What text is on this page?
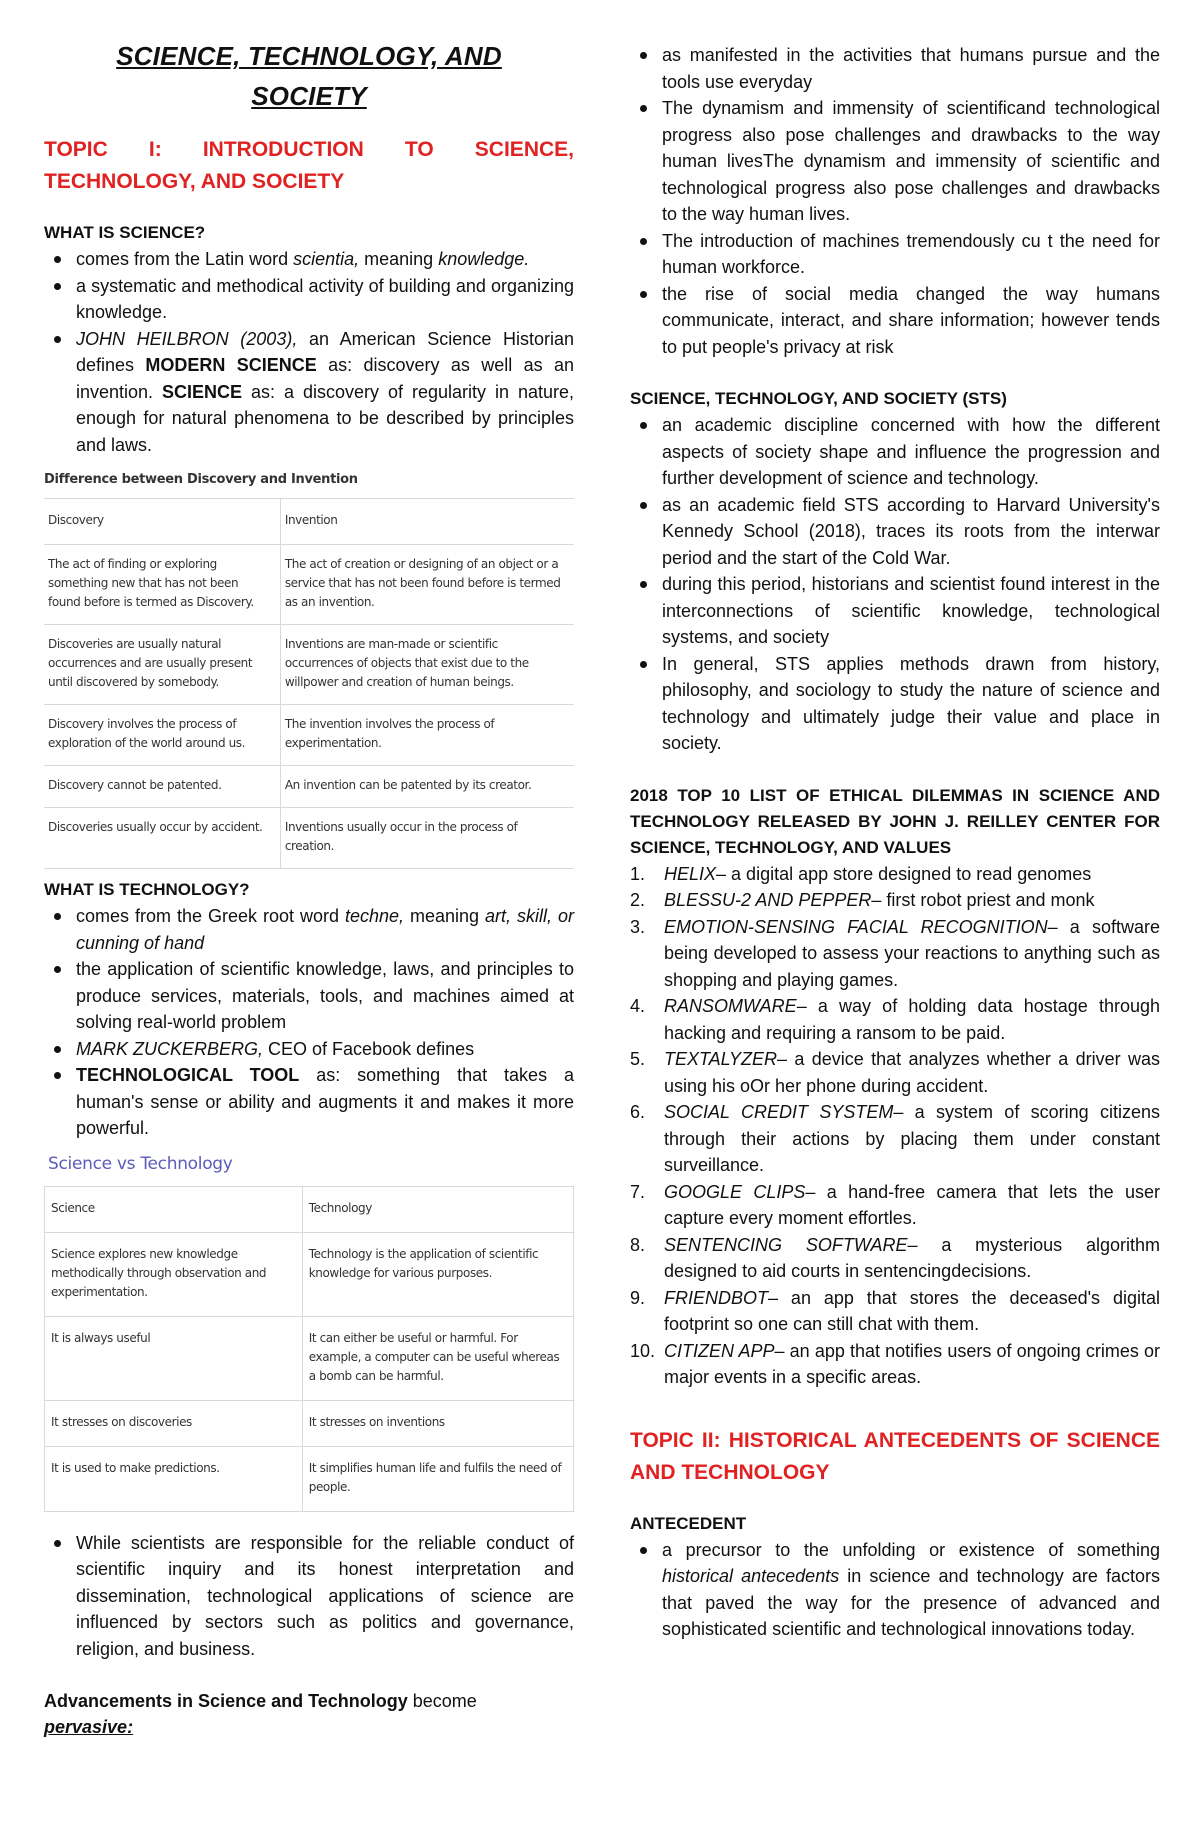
SCIENCE, TECHNOLOGY, AND
SOCIETY
TOPIC I: INTRODUCTION TO SCIENCE, TECHNOLOGY, AND SOCIETY
WHAT IS SCIENCE?
comes from the Latin word scientia, meaning knowledge.
a systematic and methodical activity of building and organizing knowledge.
JOHN HEILBRON (2003), an American Science Historian defines MODERN SCIENCE as: discovery as well as an invention. SCIENCE as: a discovery of regularity in nature, enough for natural phenomena to be described by principles and laws.
Difference between Discovery and Invention
Discovery	Invention
The act of finding or exploring something new that has not been found before is termed as Discovery.	The act of creation or designing of an object or a service that has not been found before is termed as an invention.
Discoveries are usually natural occurrences and are usually present until discovered by somebody.	Inventions are man-made or scientific occurrences of objects that exist due to the willpower and creation of human beings.
Discovery involves the process of exploration of the world around us.	The invention involves the process of experimentation.
Discovery cannot be patented.	An invention can be patented by its creator.
Discoveries usually occur by accident.	Inventions usually occur in the process of creation.
WHAT IS TECHNOLOGY?
comes from the Greek root word techne, meaning art, skill, or cunning of hand
the application of scientific knowledge, laws, and principles to produce services, materials, tools, and machines aimed at solving real-world problem
MARK ZUCKERBERG, CEO of Facebook defines
TECHNOLOGICAL TOOL as: something that takes a human's sense or ability and augments it and makes it more powerful.
Science vs Technology
Science	Technology
Science explores new knowledge methodically through observation and experimentation.	Technology is the application of scientific knowledge for various purposes.
It is always useful	It can either be useful or harmful. For example, a computer can be useful whereas a bomb can be harmful.
It stresses on discoveries	It stresses on inventions
It is used to make predictions.	It simplifies human life and fulfils the need of people.
While scientists are responsible for the reliable conduct of scientific inquiry and its honest interpretation and dissemination, technological applications of science are influenced by sectors such as politics and governance, religion, and business.
Advancements in Science and Technology become
pervasive:
as manifested in the activities that humans pursue and the tools use everyday
The dynamism and immensity of scientificand technological progress also pose challenges and drawbacks to the way human livesThe dynamism and immensity of scientific and technological progress also pose challenges and drawbacks to the way human lives.
The introduction of machines tremendously cu t the need for human workforce.
the rise of social media changed the way humans communicate, interact, and share information; however tends to put people's privacy at risk
SCIENCE, TECHNOLOGY, AND SOCIETY (STS)
an academic discipline concerned with how the different aspects of society shape and influence the progression and further development of science and technology.
as an academic field STS according to Harvard University's Kennedy School (2018), traces its roots from the interwar period and the start of the Cold War.
during this period, historians and scientist found interest in the interconnections of scientific knowledge, technological systems, and society
In general, STS applies methods drawn from history, philosophy, and sociology to study the nature of science and technology and ultimately judge their value and place in society.
2018 TOP 10 LIST OF ETHICAL DILEMMAS IN SCIENCE AND TECHNOLOGY RELEASED BY JOHN J. REILLEY CENTER FOR SCIENCE, TECHNOLOGY, AND VALUES
1.	HELIX– a digital app store designed to read genomes
2.	BLESSU-2 AND PEPPER– first robot priest and monk
3.	EMOTION-SENSING FACIAL RECOGNITION– a software being developed to assess your reactions to anything such as shopping and playing games.
4.	RANSOMWARE– a way of holding data hostage through hacking and requiring a ransom to be paid.
5.	TEXTALYZER– a device that analyzes whether a driver was using his oOr her phone during accident.
6.	SOCIAL CREDIT SYSTEM– a system of scoring citizens through their actions by placing them under constant surveillance.
7.	GOOGLE CLIPS– a hand-free camera that lets the user capture every moment effortles.
8.	SENTENCING SOFTWARE– a mysterious algorithm designed to aid courts in sentencingdecisions.
9.	FRIENDBOT– an app that stores the deceased's digital footprint so one can still chat with them.
10. CITIZEN APP– an app that notifies users of ongoing crimes or major events in a specific areas.
TOPIC II: HISTORICAL ANTECEDENTS OF SCIENCE AND TECHNOLOGY
ANTECEDENT
a precursor to the unfolding or existence of something historical antecedents in science and technology are factors that paved the way for the presence of advanced and sophisticated scientific and technological innovations today.
